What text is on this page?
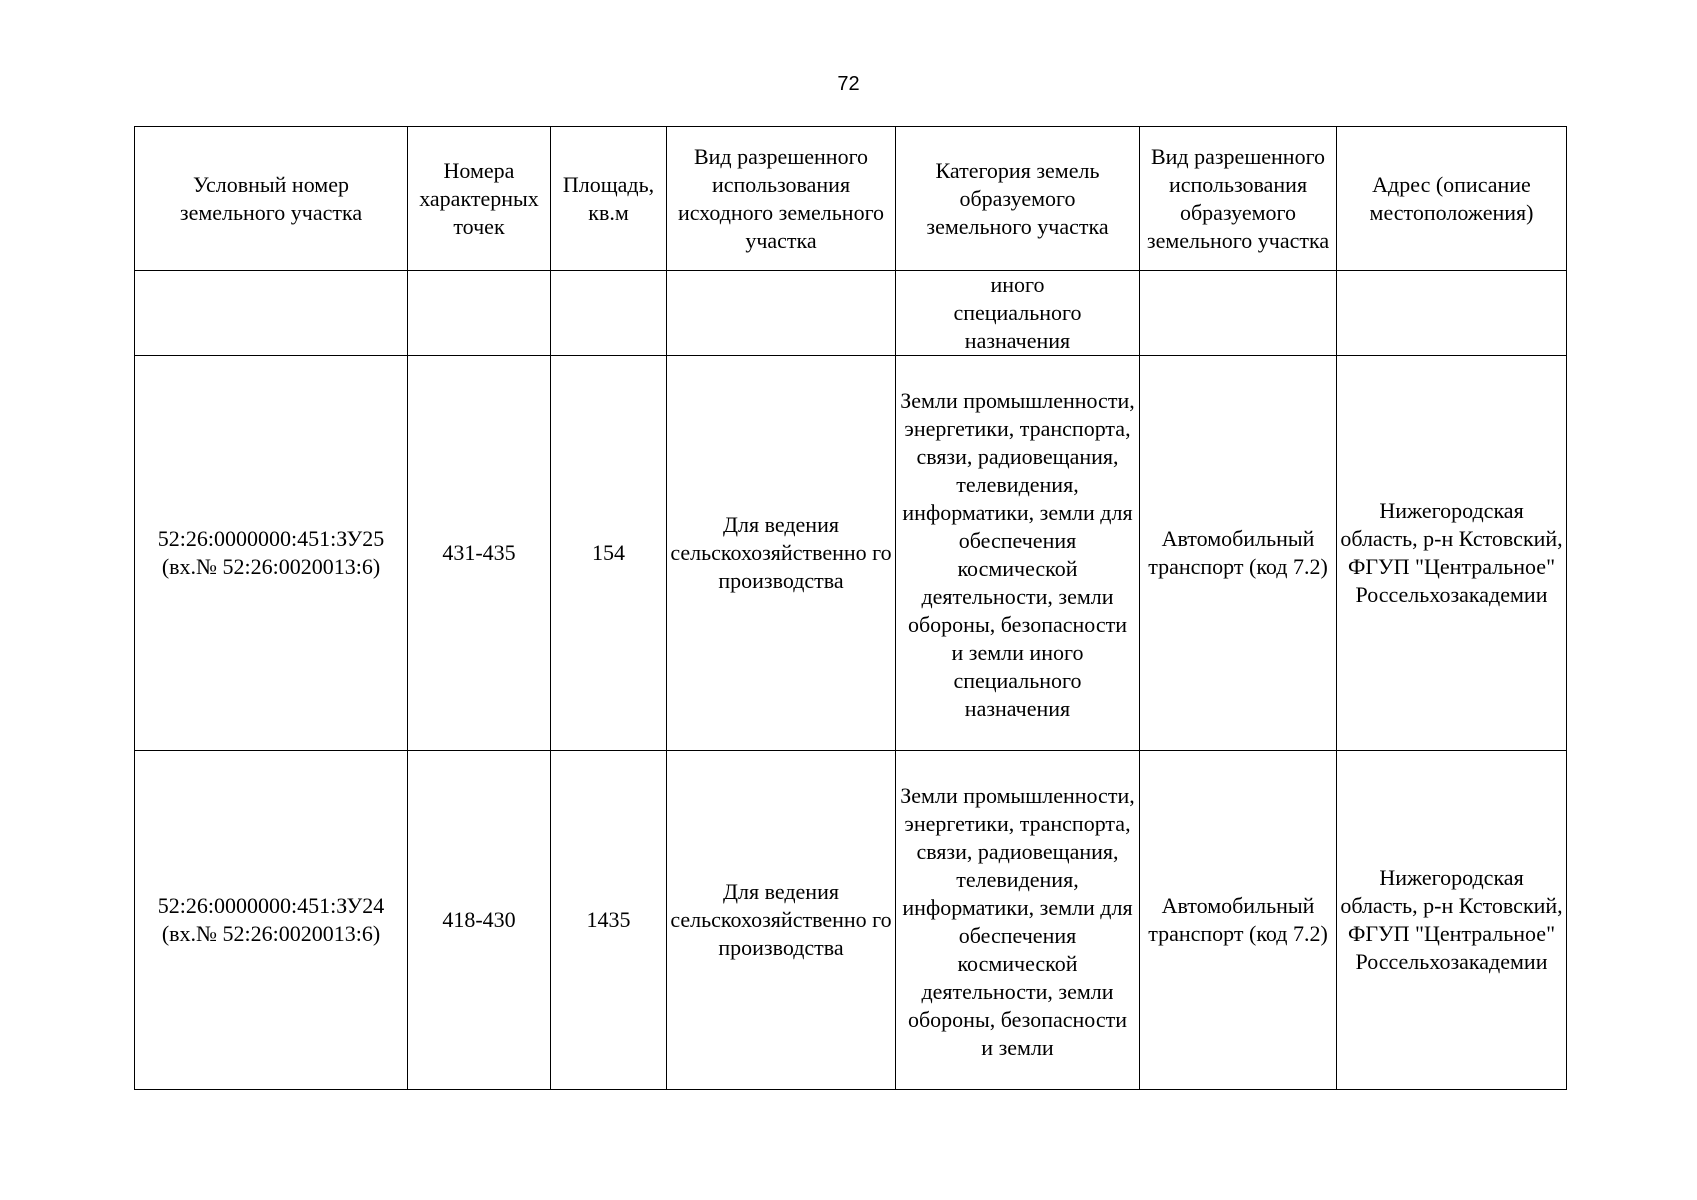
72
Условный номер земельного участка	Номера характерных точек	Площадь, кв.м	Вид разрешенного использования исходного земельного участка	Категория земель образуемого земельного участка	Вид разрешенного использования образуемого земельного участка	Адрес (описание местоположения)

				иного специального назначения		

52:26:0000000:451:ЗУ25 (вх.№ 52:26:0020013:6)	431-435	154	Для ведения сельскохозяйственно го производства	Земли промышленности, энергетики, транспорта, связи, радиовещания, телевидения, информатики, земли для обеспечения космической деятельности, земли обороны, безопасности и земли иного специального назначения	Автомобильный транспорт (код 7.2)	Нижегородская область, р-н Кстовский, ФГУП "Центральное" Россельхозакадемии

52:26:0000000:451:ЗУ24 (вх.№ 52:26:0020013:6)	418-430	1435	Для ведения сельскохозяйственно го производства	Земли промышленности, энергетики, транспорта, связи, радиовещания, телевидения, информатики, земли для обеспечения космической деятельности, земли обороны, безопасности и земли	Автомобильный транспорт (код 7.2)	Нижегородская область, р-н Кстовский, ФГУП "Центральное" Россельхозакадемии
